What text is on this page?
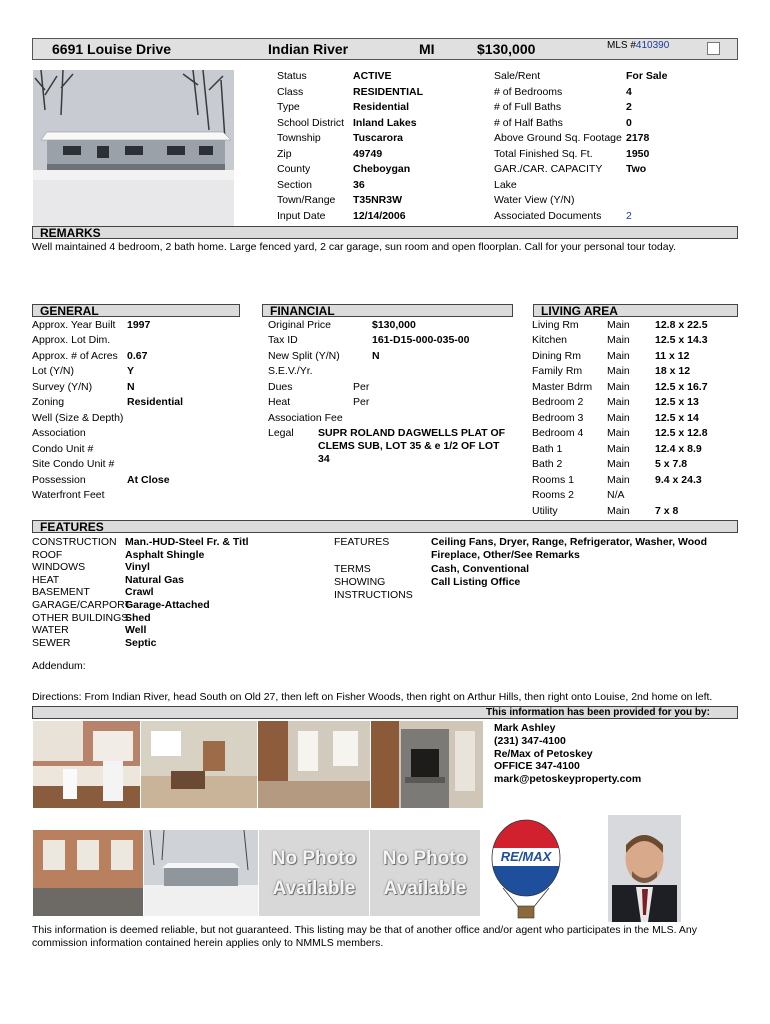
6691 Louise Drive	Indian River	MI	$130,000	MLS #410390
Status	ACTIVE
Class	RESIDENTIAL
Type	Residential
School District Inland Lakes
Township	Tuscarora
Zip	49749
County	Cheboygan
Section	36
Town/Range T35NR3W
Input Date	12/14/2006
Sale/Rent	For Sale
# of Bedrooms	4
# of Full Baths	2
# of Half Baths	0
Above Ground Sq. Footage 2178
Total Finished Sq. Ft.	1950
GAR./CAR. CAPACITY Two
Lake
Water View (Y/N)
Associated Documents 2
REMARKS
Well maintained 4 bedroom, 2 bath home. Large fenced yard, 2 car garage, sun room and open floorplan. Call for your personal tour today.
GENERAL	FINANCIAL	LIVING AREA
Approx. Year Built 1997
Approx. Lot Dim.
Approx. # of Acres 0.67
Lot (Y/N)	Y
Survey (Y/N)	N
Zoning	Residential
Well (Size & Depth)
Association
Condo Unit #
Site Condo Unit #
Possession	At Close
Waterfront Feet
Original Price	$130,000
Tax ID	161-D15-000-035-00
New Split (Y/N)	N
S.E.V./Yr.
Dues	Per
Heat	Per
Association Fee
Legal SUPR ROLAND DAGWELLS PLAT OF CLEMS SUB, LOT 35 & e 1/2 OF LOT 34
Living Rm	Main 12.8 x 22.5
Kitchen	Main 12.5 x 14.3
Dining Rm Main 11 x 12
Family Rm Main 18 x 12
Master Bdrm Main 12.5 x 16.7
Bedroom 2 Main 12.5 x 13
Bedroom 3 Main 12.5 x 14
Bedroom 4 Main 12.5 x 12.8
Bath 1	Main 12.4 x 8.9
Bath 2	Main 5 x 7.8
Rooms 1	Main 9.4 x 24.3
Rooms 2	N/A
Utility	Main 7 x 8
FEATURES
CONSTRUCTION Man.-HUD-Steel Fr. & Titl
ROOF	Asphalt Shingle
WINDOWS	Vinyl
HEAT	Natural Gas
BASEMENT	Crawl
GARAGE/CARPORT
Garage-Attached
OTHER BUILDINGS
Shed
WATER	Well
SEWER	Septic
FEATURES	Ceiling Fans, Dryer, Range, Refrigerator, Washer, Wood Fireplace, Other/See Remarks
TERMS	Cash, Conventional
SHOWING INSTRUCTIONS
Call Listing Office
Addendum:
Directions: From Indian River, head South on Old 27, then left on Fisher Woods, then right on Arthur Hills, then right onto Louise, 2nd home on left.
This information has been provided for you by:
Mark Ashley
(231) 347-4100
Re/Max of Petoskey
OFFICE 347-4100
mark@petoskeyproperty.com
No Photo
Available
No Photo
Available
RE/MAX
This information is deemed reliable, but not guaranteed. This listing may be that of another office and/or agent who participates in the MLS. Any commission information contained herein applies only to NMMLS members.
